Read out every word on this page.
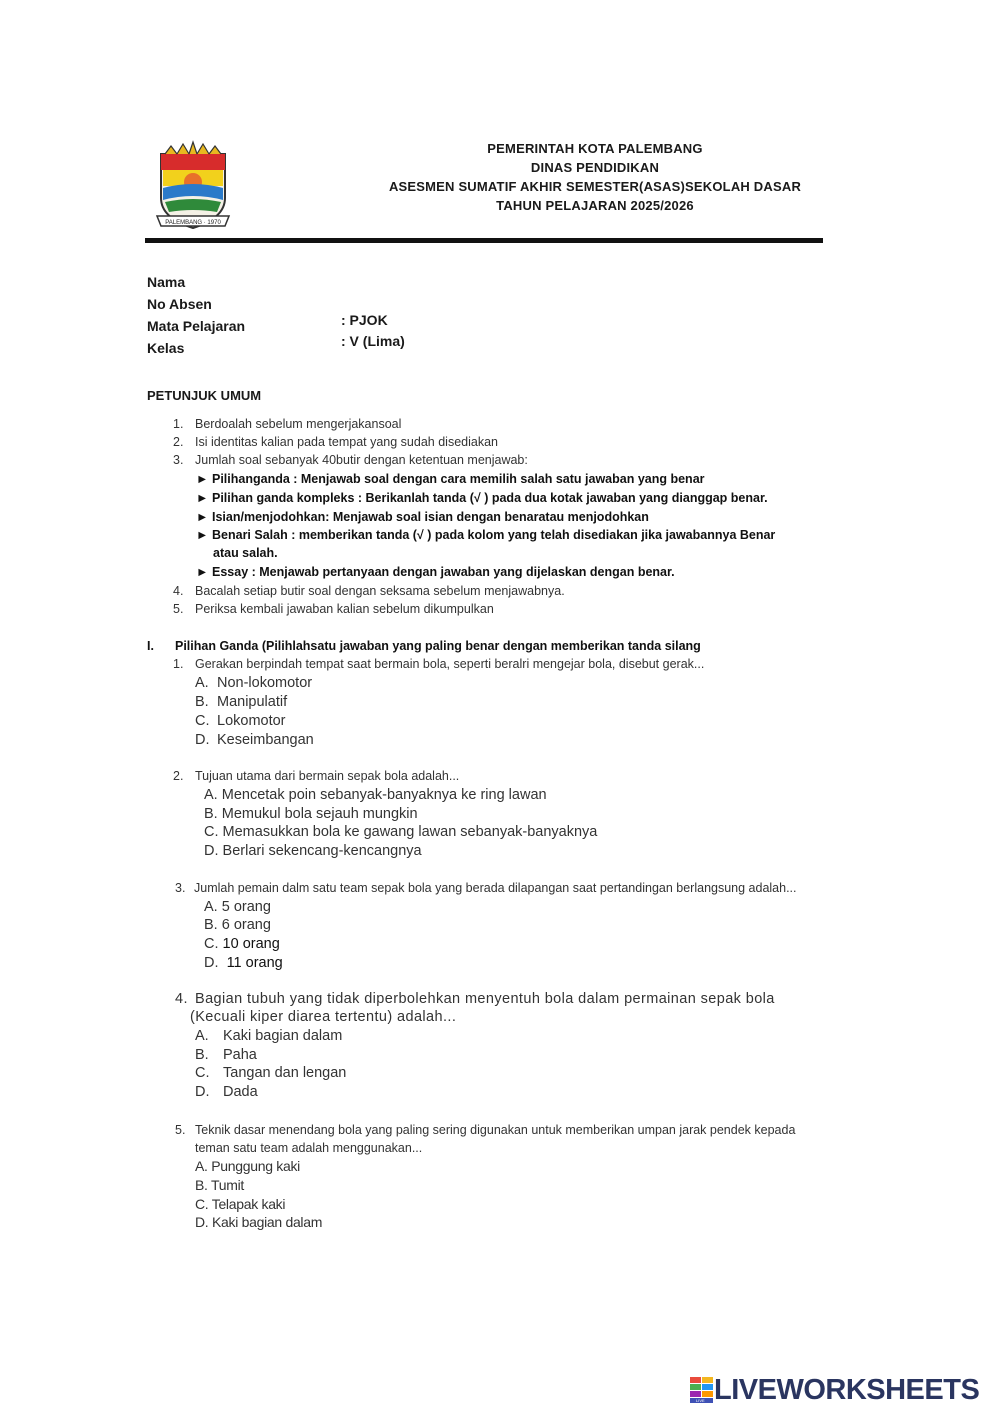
PALEMBANG · 1970
PEMERINTAH KOTA PALEMBANG
DINAS PENDIDIKAN
ASESMEN SUMATIF AKHIR SEMESTER(ASAS)SEKOLAH DASAR
TAHUN PELAJARAN 2025/2026
Nama
No Absen
Mata Pelajaran
Kelas
: PJOK
: V (Lima)
PETUNJUK UMUM
1. Berdoalah sebelum mengerjakansoal
2. Isi identitas kalian pada tempat yang sudah disediakan
3. Jumlah soal sebanyak 40butir dengan ketentuan menjawab:
► Pilihanganda : Menjawab soal dengan cara memilih salah satu jawaban yang benar
► Pilihan ganda kompleks : Berikanlah tanda (√ ) pada dua kotak jawaban yang dianggap benar.
► Isian/menjodohkan: Menjawab soal isian dengan benaratau menjodohkan
► Benari Salah : memberikan tanda (√ ) pada kolom yang telah disediakan jika jawabannya Benar
atau salah.
► Essay : Menjawab pertanyaan dengan jawaban yang dijelaskan dengan benar.
4. Bacalah setiap butir soal dengan seksama sebelum menjawabnya.
5. Periksa kembali jawaban kalian sebelum dikumpulkan
I. Pilihan Ganda (Pilihlahsatu jawaban yang paling benar dengan memberikan tanda silang
1. Gerakan berpindah tempat saat bermain bola, seperti beralri mengejar bola, disebut gerak...
A. Non-lokomotor
B. Manipulatif
C. Lokomotor
D. Keseimbangan
2. Tujuan utama dari bermain sepak bola adalah...
A. Mencetak poin sebanyak-banyaknya ke ring lawan
B. Memukul bola sejauh mungkin
C. Memasukkan bola ke gawang lawan sebanyak-banyaknya
D. Berlari sekencang-kencangnya
3. Jumlah pemain dalm satu team sepak bola yang berada dilapangan saat pertandingan berlangsung adalah...
A. 5 orang
B. 6 orang
C. 10 orang
D. 11 orang
4. Bagian tubuh yang tidak diperbolehkan menyentuh bola dalam permainan sepak bola
(Kecuali kiper diarea tertentu) adalah...
A. Kaki bagian dalam
B. Paha
C. Tangan dan lengan
D. Dada
5. Teknik dasar menendang bola yang paling sering digunakan untuk memberikan umpan jarak pendek kepada
teman satu team adalah menggunakan...
A. Punggung kaki
B. Tumit
C. Telapak kaki
D. Kaki bagian dalam
LIVE LIVEWORKSHEETS
